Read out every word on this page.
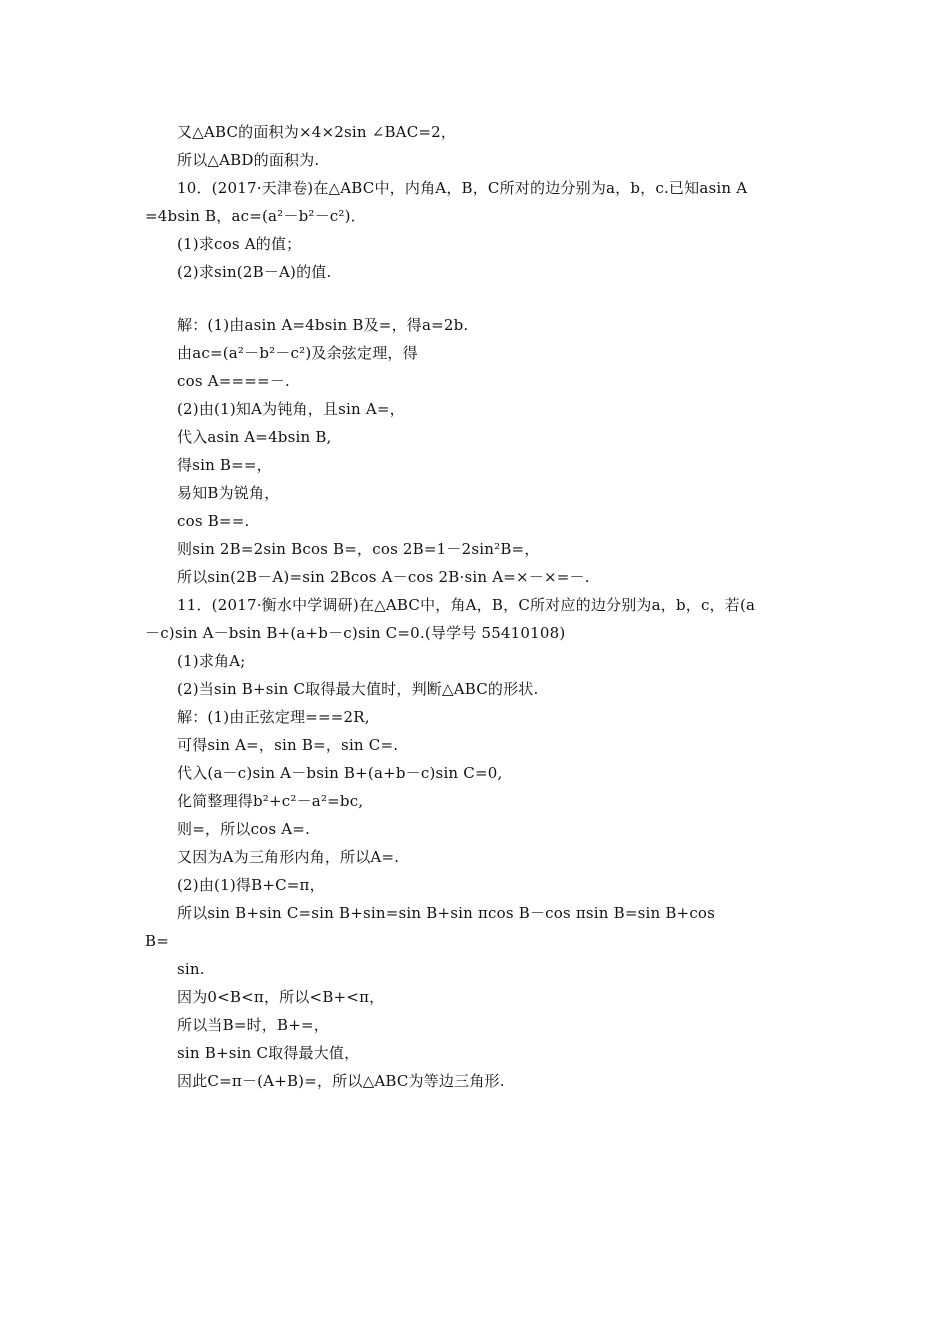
又△ABC的面积为×4×2sin ∠BAC=2，
所以△ABD的面积为.
10．(2017·天津卷)在△ABC中，内角A，B，C所对的边分别为a，b，c.已知asin A
=4bsin B，ac=(a²－b²－c²)．
(1)求cos A的值；
(2)求sin(2B－A)的值.
解：(1)由asin A=4bsin B及=，得a=2b.
由ac=(a²－b²－c²)及余弦定理，得
cos A====－.
(2)由(1)知A为钝角，且sin A=，
代入asin A=4bsin B,
得sin B==，
易知B为锐角，
cos B==.
则sin 2B=2sin Bcos B=，cos 2B=1－2sin²B=，
所以sin(2B－A)=sin 2Bcos A－cos 2B·sin A=×－×=－.
11．(2017·衡水中学调研)在△ABC中，角A，B，C所对应的边分别为a，b，c，若(a
－c)sin A－bsin B+(a+b－c)sin C=0.(导学号 55410108)
(1)求角A;
(2)当sin B+sin C取得最大值时，判断△ABC的形状.
解：(1)由正弦定理===2R,
可得sin A=，sin B=，sin C=.
代入(a－c)sin A－bsin B+(a+b－c)sin C=0,
化简整理得b²+c²－a²=bc,
则=，所以cos A=.
又因为A为三角形内角，所以A=.
(2)由(1)得B+C=π，
所以sin B+sin C=sin B+sin=sin B+sin πcos B－cos πsin B=sin B+cos
B=
sin.
因为0<B<π，所以<B+<π，
所以当B=时，B+=，
sin B+sin C取得最大值，
因此C=π－(A+B)=，所以△ABC为等边三角形.
